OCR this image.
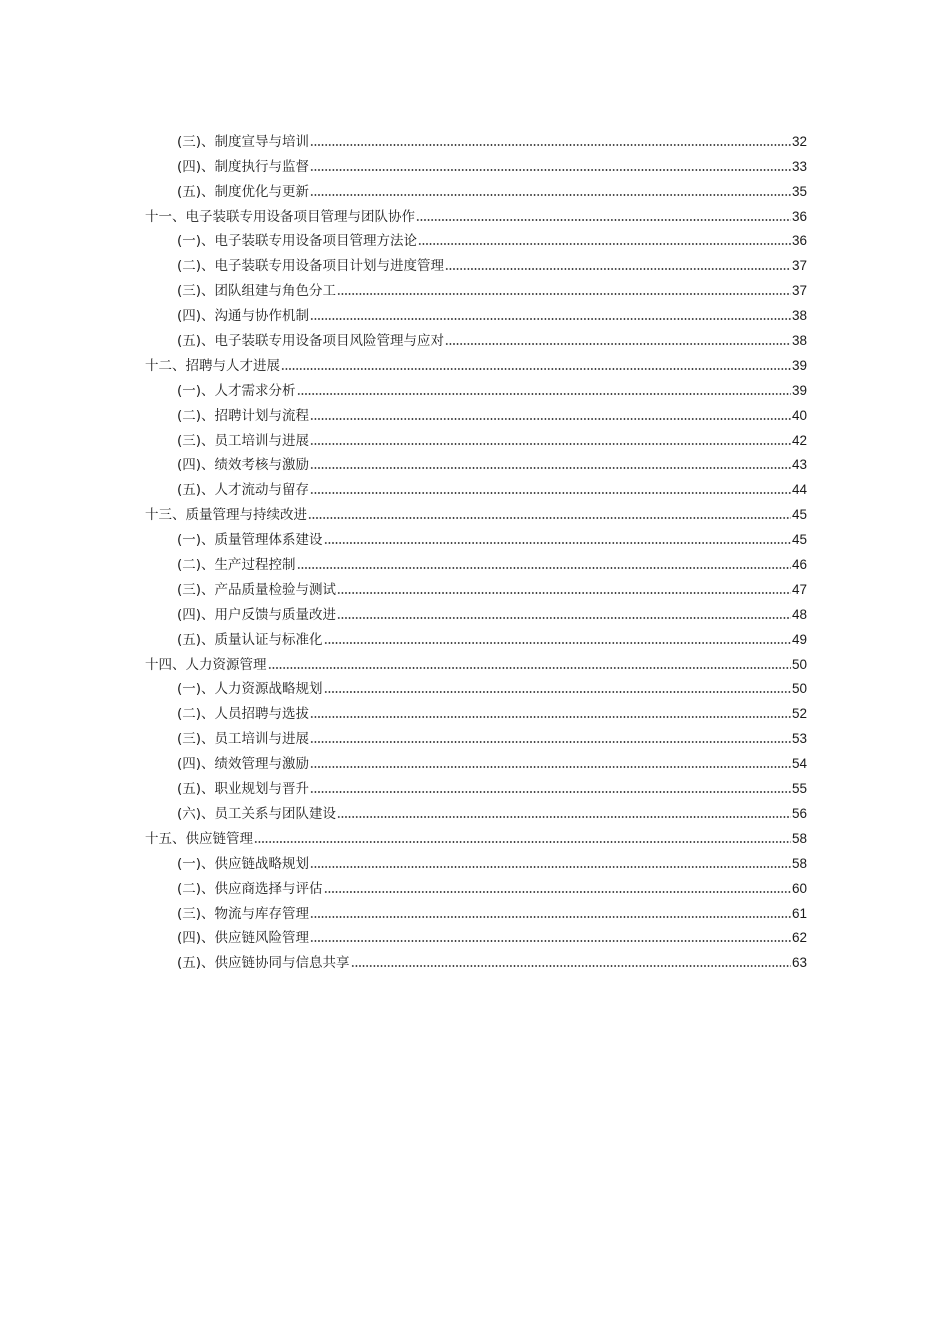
(三)、制度宣导与培训	32
(四)、制度执行与监督	33
(五)、制度优化与更新	35
十一、电子装联专用设备项目管理与团队协作	36
(一)、电子装联专用设备项目管理方法论	36
(二)、电子装联专用设备项目计划与进度管理	37
(三)、团队组建与角色分工	37
(四)、沟通与协作机制	38
(五)、电子装联专用设备项目风险管理与应对	38
十二、招聘与人才进展	39
(一)、人才需求分析	39
(二)、招聘计划与流程	40
(三)、员工培训与进展	42
(四)、绩效考核与激励	43
(五)、人才流动与留存	44
十三、质量管理与持续改进	45
(一)、质量管理体系建设	45
(二)、生产过程控制	46
(三)、产品质量检验与测试	47
(四)、用户反馈与质量改进	48
(五)、质量认证与标准化	49
十四、人力资源管理	50
(一)、人力资源战略规划	50
(二)、人员招聘与选拔	52
(三)、员工培训与进展	53
(四)、绩效管理与激励	54
(五)、职业规划与晋升	55
(六)、员工关系与团队建设	56
十五、供应链管理	58
(一)、供应链战略规划	58
(二)、供应商选择与评估	60
(三)、物流与库存管理	61
(四)、供应链风险管理	62
(五)、供应链协同与信息共享	63
